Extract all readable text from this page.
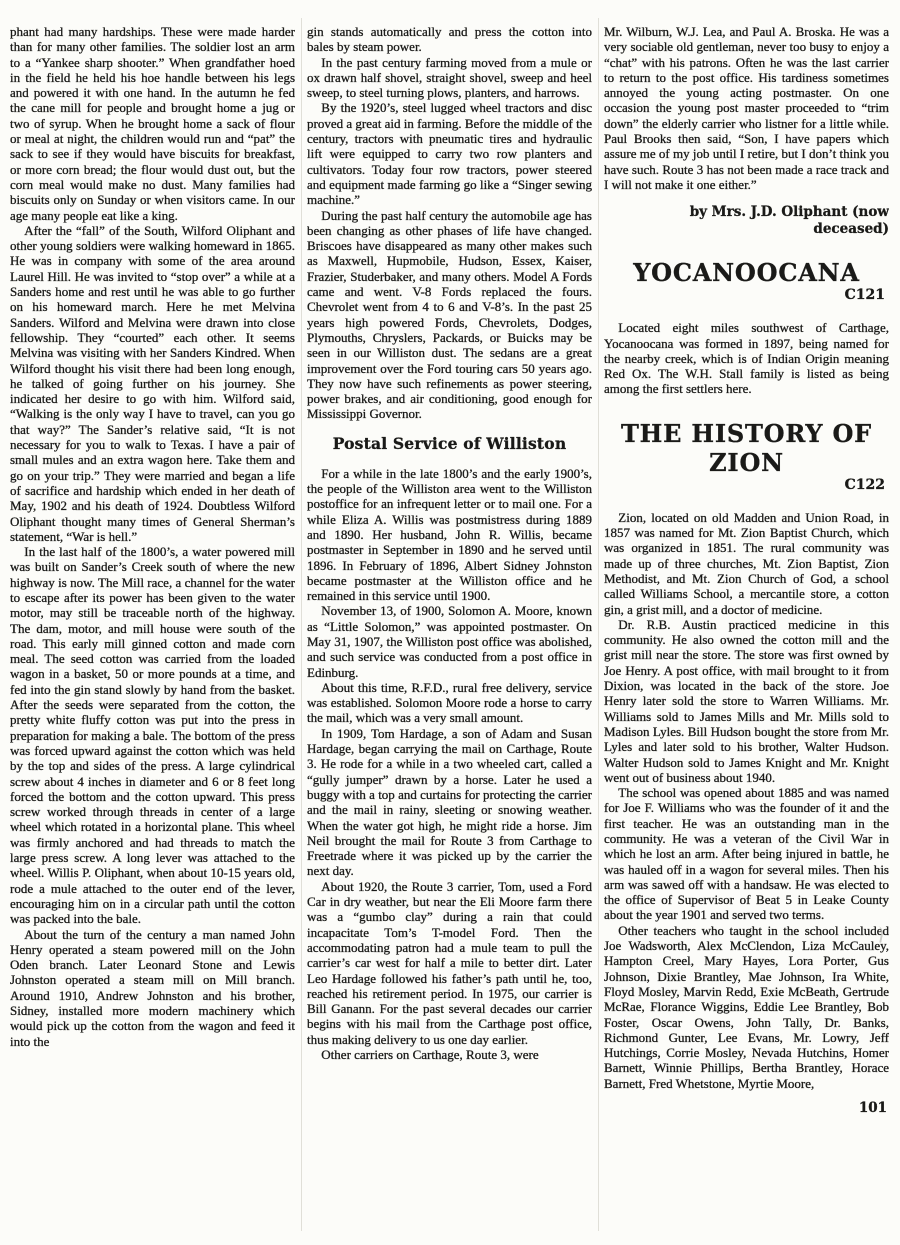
phant had many hardships. These were made harder than for many other families. The soldier lost an arm to a “Yankee sharp shooter.” When grandfather hoed in the field he held his hoe handle between his legs and powered it with one hand. In the autumn he fed the cane mill for people and brought home a jug or two of syrup. When he brought home a sack of flour or meal at night, the children would run and “pat” the sack to see if they would have biscuits for breakfast, or more corn bread; the flour would dust out, but the corn meal would make no dust. Many families had biscuits only on Sunday or when visitors came. In our age many people eat like a king.

After the “fall” of the South, Wilford Oliphant and other young soldiers were walking homeward in 1865. He was in company with some of the area around Laurel Hill. He was invited to “stop over” a while at a Sanders home and rest until he was able to go further on his homeward march. Here he met Melvina Sanders. Wilford and Melvina were drawn into close fellowship. They “courted” each other. It seems Melvina was visiting with her Sanders Kindred. When Wilford thought his visit there had been long enough, he talked of going further on his journey. She indicated her desire to go with him. Wilford said, “Walking is the only way I have to travel, can you go that way?” The Sander’s relative said, “It is not necessary for you to walk to Texas. I have a pair of small mules and an extra wagon here. Take them and go on your trip.” They were married and began a life of sacrifice and hardship which ended in her death of May, 1902 and his death of 1924. Doubtless Wilford Oliphant thought many times of General Sherman’s statement, “War is hell.”

In the last half of the 1800’s, a water powered mill was built on Sander’s Creek south of where the new highway is now. The Mill race, a channel for the water to escape after its power has been given to the water motor, may still be traceable north of the highway. The dam, motor, and mill house were south of the road. This early mill ginned cotton and made corn meal. The seed cotton was carried from the loaded wagon in a basket, 50 or more pounds at a time, and fed into the gin stand slowly by hand from the basket. After the seeds were separated from the cotton, the pretty white fluffy cotton was put into the press in preparation for making a bale. The bottom of the press was forced upward against the cotton which was held by the top and sides of the press. A large cylindrical screw about 4 inches in diameter and 6 or 8 feet long forced the bottom and the cotton upward. This press screw worked through threads in center of a large wheel which rotated in a horizontal plane. This wheel was firmly anchored and had threads to match the large press screw. A long lever was attached to the wheel. Willis P. Oliphant, when about 10-15 years old, rode a mule attached to the outer end of the lever, encouraging him on in a circular path until the cotton was packed into the bale.

About the turn of the century a man named John Henry operated a steam powered mill on the John Oden branch. Later Leonard Stone and Lewis Johnston operated a steam mill on Mill branch. Around 1910, Andrew Johnston and his brother, Sidney, installed more modern machinery which would pick up the cotton from the wagon and feed it into the

gin stands automatically and press the cotton into bales by steam power.

In the past century farming moved from a mule or ox drawn half shovel, straight shovel, sweep and heel sweep, to steel turning plows, planters, and harrows.

By the 1920’s, steel lugged wheel tractors and disc proved a great aid in farming. Before the middle of the century, tractors with pneumatic tires and hydraulic lift were equipped to carry two row planters and cultivators. Today four row tractors, power steered and equipment made farming go like a “Singer sewing machine.”

During the past half century the automobile age has been changing as other phases of life have changed. Briscoes have disappeared as many other makes such as Maxwell, Hupmobile, Hudson, Essex, Kaiser, Frazier, Studerbaker, and many others. Model A Fords came and went. V-8 Fords replaced the fours. Chevrolet went from 4 to 6 and V-8’s. In the past 25 years high powered Fords, Chevrolets, Dodges, Plymouths, Chryslers, Packards, or Buicks may be seen in our Williston dust. The sedans are a great improvement over the Ford touring cars 50 years ago. They now have such refinements as power steering, power brakes, and air conditioning, good enough for Mississippi Governor.

Postal Service of Williston

For a while in the late 1800’s and the early 1900’s, the people of the Williston area went to the Williston postoffice for an infrequent letter or to mail one. For a while Eliza A. Willis was postmistress during 1889 and 1890. Her husband, John R. Willis, became postmaster in September in 1890 and he served until 1896. In February of 1896, Albert Sidney Johnston became postmaster at the Williston office and he remained in this service until 1900.

November 13, of 1900, Solomon A. Moore, known as “Little Solomon,” was appointed postmaster. On May 31, 1907, the Williston post office was abolished, and such service was conducted from a post office in Edinburg.

About this time, R.F.D., rural free delivery, service was established. Solomon Moore rode a horse to carry the mail, which was a very small amount.

In 1909, Tom Hardage, a son of Adam and Susan Hardage, began carrying the mail on Carthage, Route 3. He rode for a while in a two wheeled cart, called a “gully jumper” drawn by a horse. Later he used a buggy with a top and curtains for protecting the carrier and the mail in rainy, sleeting or snowing weather. When the water got high, he might ride a horse. Jim Neil brought the mail for Route 3 from Carthage to Freetrade where it was picked up by the carrier the next day.

About 1920, the Route 3 carrier, Tom, used a Ford Car in dry weather, but near the Eli Moore farm there was a “gumbo clay” during a rain that could incapacitate Tom’s T-model Ford. Then the accommodating patron had a mule team to pull the carrier’s car west for half a mile to better dirt. Later Leo Hardage followed his father’s path until he, too, reached his retirement period. In 1975, our carrier is Bill Ganann. For the past several decades our carrier begins with his mail from the Carthage post office, thus making delivery to us one day earlier.

Other carriers on Carthage, Route 3, were

Mr. Wilburn, W.J. Lea, and Paul A. Broska. He was a very sociable old gentleman, never too busy to enjoy a “chat” with his patrons. Often he was the last carrier to return to the post office. His tardiness sometimes annoyed the young acting postmaster. On one occasion the young post master proceeded to “trim down” the elderly carrier who listner for a little while. Paul Brooks then said, “Son, I have papers which assure me of my job until I retire, but I don’t think you have such. Route 3 has not been made a race track and I will not make it one either.”

by Mrs. J.D. Oliphant (now deceased)
YOCANOOCANA
C121

Located eight miles southwest of Carthage, Yocanoocana was formed in 1897, being named for the nearby creek, which is of Indian Origin meaning Red Ox. The W.H. Stall family is listed as being among the first settlers here.

THE HISTORY OF ZION
C122

Zion, located on old Madden and Union Road, in 1857 was named for Mt. Zion Baptist Church, which was organized in 1851. The rural community was made up of three churches, Mt. Zion Baptist, Zion Methodist, and Mt. Zion Church of God, a school called Williams School, a mercantile store, a cotton gin, a grist mill, and a doctor of medicine.

Dr. R.B. Austin practiced medicine in this community. He also owned the cotton mill and the grist mill near the store. The store was first owned by Joe Henry. A post office, with mail brought to it from Dixion, was located in the back of the store. Joe Henry later sold the store to Warren Williams. Mr. Williams sold to James Mills and Mr. Mills sold to Madison Lyles. Bill Hudson bought the store from Mr. Lyles and later sold to his brother, Walter Hudson. Walter Hudson sold to James Knight and Mr. Knight went out of business about 1940.

The school was opened about 1885 and was named for Joe F. Williams who was the founder of it and the first teacher. He was an outstanding man in the community. He was a veteran of the Civil War in which he lost an arm. After being injured in battle, he was hauled off in a wagon for several miles. Then his arm was sawed off with a handsaw. He was elected to the office of Supervisor of Beat 5 in Leake County about the year 1901 and served two terms.

Other teachers who taught in the school included Joe Wadsworth, Alex McClendon, Liza McCauley, Hampton Creel, Mary Hayes, Lora Porter, Gus Johnson, Dixie Brantley, Mae Johnson, Ira White, Floyd Mosley, Marvin Redd, Exie McBeath, Gertrude McRae, Florance Wiggins, Eddie Lee Brantley, Bob Foster, Oscar Owens, John Tally, Dr. Banks, Richmond Gunter, Lee Evans, Mr. Lowry, Jeff Hutchings, Corrie Mosley, Nevada Hutchins, Homer Barnett, Winnie Phillips, Bertha Brantley, Horace Barnett, Fred Whetstone, Myrtie Moore,

101
